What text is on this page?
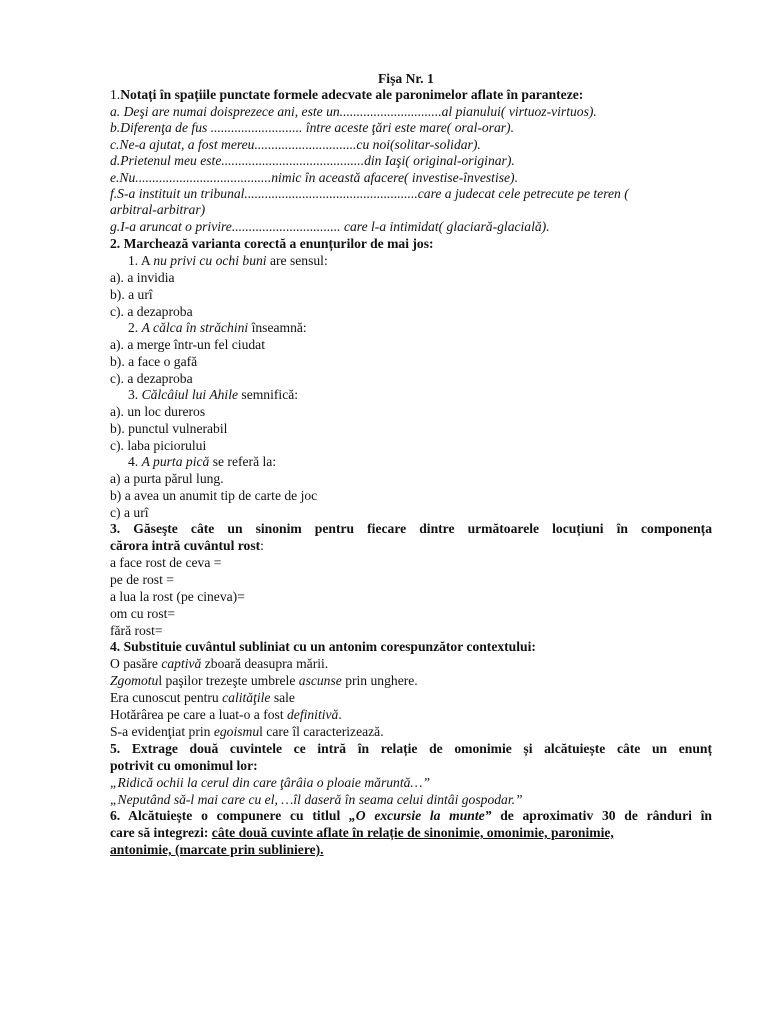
Fișa Nr. 1
1.Notați în spațiile punctate formele adecvate ale paronimelor aflate în paranteze:
a. Deşi are numai doisprezece ani, este un..............................al pianului( virtuoz-virtuos).
b.Diferenţa de fus ........................... între aceste ţări este mare( oral-orar).
c.Ne-a ajutat, a fost mereu..............................cu noi(solitar-solidar).
d.Prietenul meu este..........................................din Iaşi( original-originar).
e.Nu........................................nimic în această afacere( investise-învestise).
f.S-a instituit un tribunal...................................................care a judecat cele petrecute pe teren (
arbitral-arbitrar)
g.I-a aruncat o privire................................ care l-a intimidat( glaciară-glacială).
2. Marchează varianta corectă a enunțurilor de mai jos:
1. A nu privi cu ochi buni are sensul:
a). a invidia
b). a urî
c). a dezaproba
2. A călca în străchini înseamnă:
a). a merge într-un fel ciudat
b). a face o gafă
c). a dezaproba
3. Călcâiul lui Ahile semnifică:
a). un loc dureros
b). punctul vulnerabil
c). laba piciorului
4. A purta pică se referă la:
a) a purta părul lung.
b) a avea un anumit tip de carte de joc
c) a urî
3. Găseşte câte un sinonim pentru fiecare dintre următoarele locuțiuni în componența
cărora intră cuvântul rost:
a face rost de ceva =
pe de rost =
a lua la rost (pe cineva)=
om cu rost=
fără rost=
4. Substituie cuvântul subliniat cu un antonim corespunzător contextului:
O pasăre captivă zboară deasupra mării.
Zgomotul paşilor trezeşte umbrele ascunse prin unghere.
Era cunoscut pentru calităţile sale
Hotărârea pe care a luat-o a fost definitivă.
S-a evidenţiat prin egoismul care îl caracterizează.
5. Extrage două cuvintele ce intră în relație de omonimie și alcătuiește câte un enunț
potrivit cu omonimul lor:
„Ridică ochii la cerul din care ţârâia o ploaie măruntă…”
„Neputând să-l mai care cu el, …îl daseră în seama celui dintâi gospodar.”
6. Alcătuiește o compunere cu titlul „O excursie la munte” de aproximativ 30 de rânduri în
care să integrezi: câte două cuvinte aflate în relație de sinonimie, omonimie, paronimie,
antonimie, (marcate prin subliniere).
